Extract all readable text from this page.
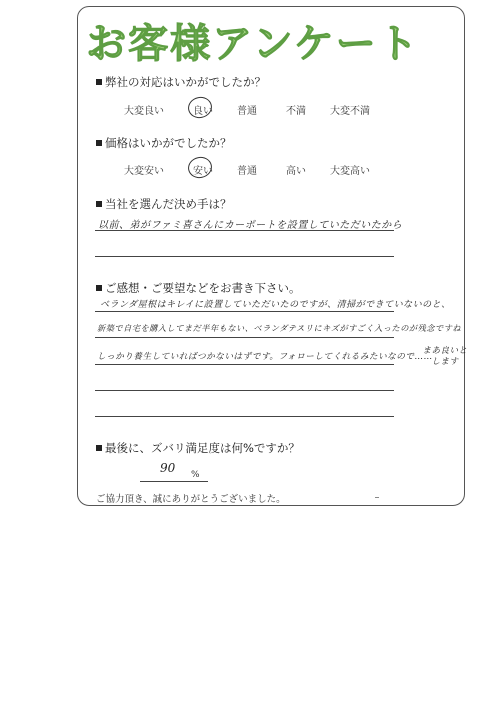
お客様アンケート
弊社の対応はいかがでしたか？
大変良い	良い 普通	不満 大変不満
価格はいかがでしたか？
大変安い	安い 普通	高い 大変高い
当社を選んだ決め手は？
以前、弟がファミ喜さんにカーポートを設置していただいたから
ご感想・ご要望などをお書き下さい。
ベランダ屋根はキレイに設置していただいたのですが、清掃ができていないのと、
新築で自宅を購入してまだ半年もない、ベランダテスリにキズがすごく入ったのが残念ですね
しっかり養生していればつかないはずです。フォローしてくれるみたいなので……
まあ良いとします
最後に、ズバリ満足度は何%ですか？
90 %
ご協力頂き、誠にありがとうございました。
